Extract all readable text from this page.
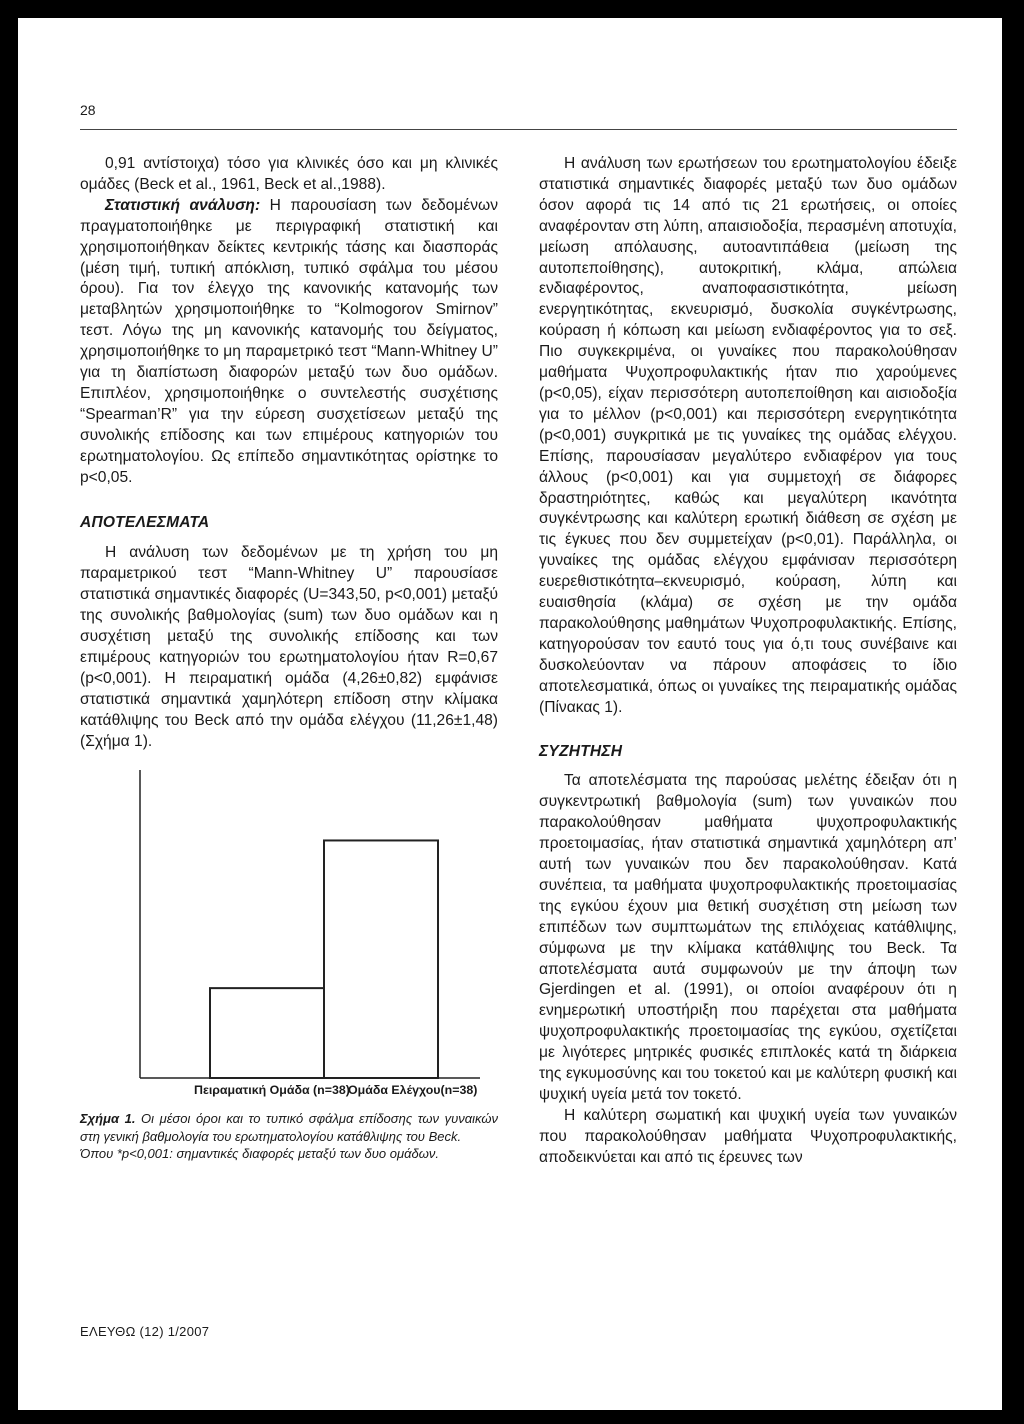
28

0,91 αντίστοιχα) τόσο για κλινικές όσο και μη κλινικές ομάδες (Beck et al., 1961, Beck et al.,1988).

Στατιστική ανάλυση: Η παρουσίαση των δεδομένων πραγματοποιήθηκε με περιγραφική στατιστική και χρησιμοποιήθηκαν δείκτες κεντρικής τάσης και διασποράς (μέση τιμή, τυπική απόκλιση, τυπικό σφάλμα του μέσου όρου). Για τον έλεγχο της κανονικής κατανομής των μεταβλητών χρησιμοποιήθηκε το “Kolmogorov Smirnov” τεστ. Λόγω της μη κανονικής κατανομής του δείγματος, χρησιμοποιήθηκε το μη παραμετρικό τεστ “Mann-Whitney U” για τη διαπίστωση διαφορών μεταξύ των δυο ομάδων. Επιπλέον, χρησιμοποιήθηκε ο συντελεστής συσχέτισης “Spearman’R” για την εύρεση συσχετίσεων μεταξύ της συνολικής επίδοσης και των επιμέρους κατηγοριών του ερωτηματολογίου. Ως επίπεδο σημαντικότητας ορίστηκε το p<0,05.

ΑΠΟΤΕΛΕΣΜΑΤΑ

Η ανάλυση των δεδομένων με τη χρήση του μη παραμετρικού τεστ “Mann-Whitney U” παρουσίασε στατιστικά σημαντικές διαφορές (U=343,50, p<0,001) μεταξύ της συνολικής βαθμολογίας (sum) των δυο ομάδων και η συσχέτιση μεταξύ της συνολικής επίδοσης και των επιμέρους κατηγοριών του ερωτηματολογίου ήταν R=0,67 (p<0,001). Η πειραματική ομάδα (4,26±0,82) εμφάνισε στατιστικά σημαντικά χαμηλότερη επίδοση στην κλίμακα κατάθλιψης του Beck από την ομάδα ελέγχου (11,26±1,48) (Σχήμα 1).

Πειραματική Ομάδα (n=38)
Ομάδα Ελέγχου(n=38)
Σχήμα 1. Οι μέσοι όροι και το τυπικό σφάλμα επίδοσης των γυναικών στη γενική βαθμολογία του ερωτηματολογίου κατάθλιψης του Beck.
Όπου *p<0,001: σημαντικές διαφορές μεταξύ των δυο ομάδων.

Η ανάλυση των ερωτήσεων του ερωτηματολογίου έδειξε στατιστικά σημαντικές διαφορές μεταξύ των δυο ομάδων όσον αφορά τις 14 από τις 21 ερωτήσεις, οι οποίες αναφέρονταν στη λύπη, απαισιοδοξία, περασμένη αποτυχία, μείωση απόλαυσης, αυτοαντιπάθεια (μείωση της αυτοπεποίθησης), αυτοκριτική, κλάμα, απώλεια ενδιαφέροντος, αναποφασιστικότητα, μείωση ενεργητικότητας, εκνευρισμό, δυσκολία συγκέντρωσης, κούραση ή κόπωση και μείωση ενδιαφέροντος για το σεξ. Πιο συγκεκριμένα, οι γυναίκες που παρακολούθησαν μαθήματα Ψυχοπροφυλακτικής ήταν πιο χαρούμενες (p<0,05), είχαν περισσότερη αυτοπεποίθηση και αισιοδοξία για το μέλλον (p<0,001) και περισσότερη ενεργητικότητα (p<0,001) συγκριτικά με τις γυναίκες της ομάδας ελέγχου. Επίσης, παρουσίασαν μεγαλύτερο ενδιαφέρον για τους άλλους (p<0,001) και για συμμετοχή σε διάφορες δραστηριότητες, καθώς και μεγαλύτερη ικανότητα συγκέντρωσης και καλύτερη ερωτική διάθεση σε σχέση με τις έγκυες που δεν συμμετείχαν (p<0,01). Παράλληλα, οι γυναίκες της ομάδας ελέγχου εμφάνισαν περισσότερη ευερεθιστικότητα–εκνευρισμό, κούραση, λύπη και ευαισθησία (κλάμα) σε σχέση με την ομάδα παρακολούθησης μαθημάτων Ψυχοπροφυλακτικής. Επίσης, κατηγορούσαν τον εαυτό τους για ό,τι τους συνέβαινε και δυσκολεύονταν να πάρουν αποφάσεις το ίδιο αποτελεσματικά, όπως οι γυναίκες της πειραματικής ομάδας (Πίνακας 1).

ΣΥΖΗΤΗΣΗ

Τα αποτελέσματα της παρούσας μελέτης έδειξαν ότι η συγκεντρωτική βαθμολογία (sum) των γυναικών που παρακολούθησαν μαθήματα ψυχοπροφυλακτικής προετοιμασίας, ήταν στατιστικά σημαντικά χαμηλότερη απ’ αυτή των γυναικών που δεν παρακολούθησαν. Κατά συνέπεια, τα μαθήματα ψυχοπροφυλακτικής προετοιμασίας της εγκύου έχουν μια θετική συσχέτιση στη μείωση των επιπέδων των συμπτωμάτων της επιλόχειας κατάθλιψης, σύμφωνα με την κλίμακα κατάθλιψης του Beck. Τα αποτελέσματα αυτά συμφωνούν με την άποψη των Gjerdingen et al. (1991), οι οποίοι αναφέρουν ότι η ενημερωτική υποστήριξη που παρέχεται στα μαθήματα ψυχοπροφυλακτικής προετοιμασίας της εγκύου, σχετίζεται με λιγότερες μητρικές φυσικές επιπλοκές κατά τη διάρκεια της εγκυμοσύνης και του τοκετού και με καλύτερη φυσική και ψυχική υγεία μετά τον τοκετό.

Η καλύτερη σωματική και ψυχική υγεία των γυναικών που παρακολούθησαν μαθήματα Ψυχοπροφυλακτικής, αποδεικνύεται και από τις έρευνες των

ΕΛΕΥΘΩ (12) 1/2007
